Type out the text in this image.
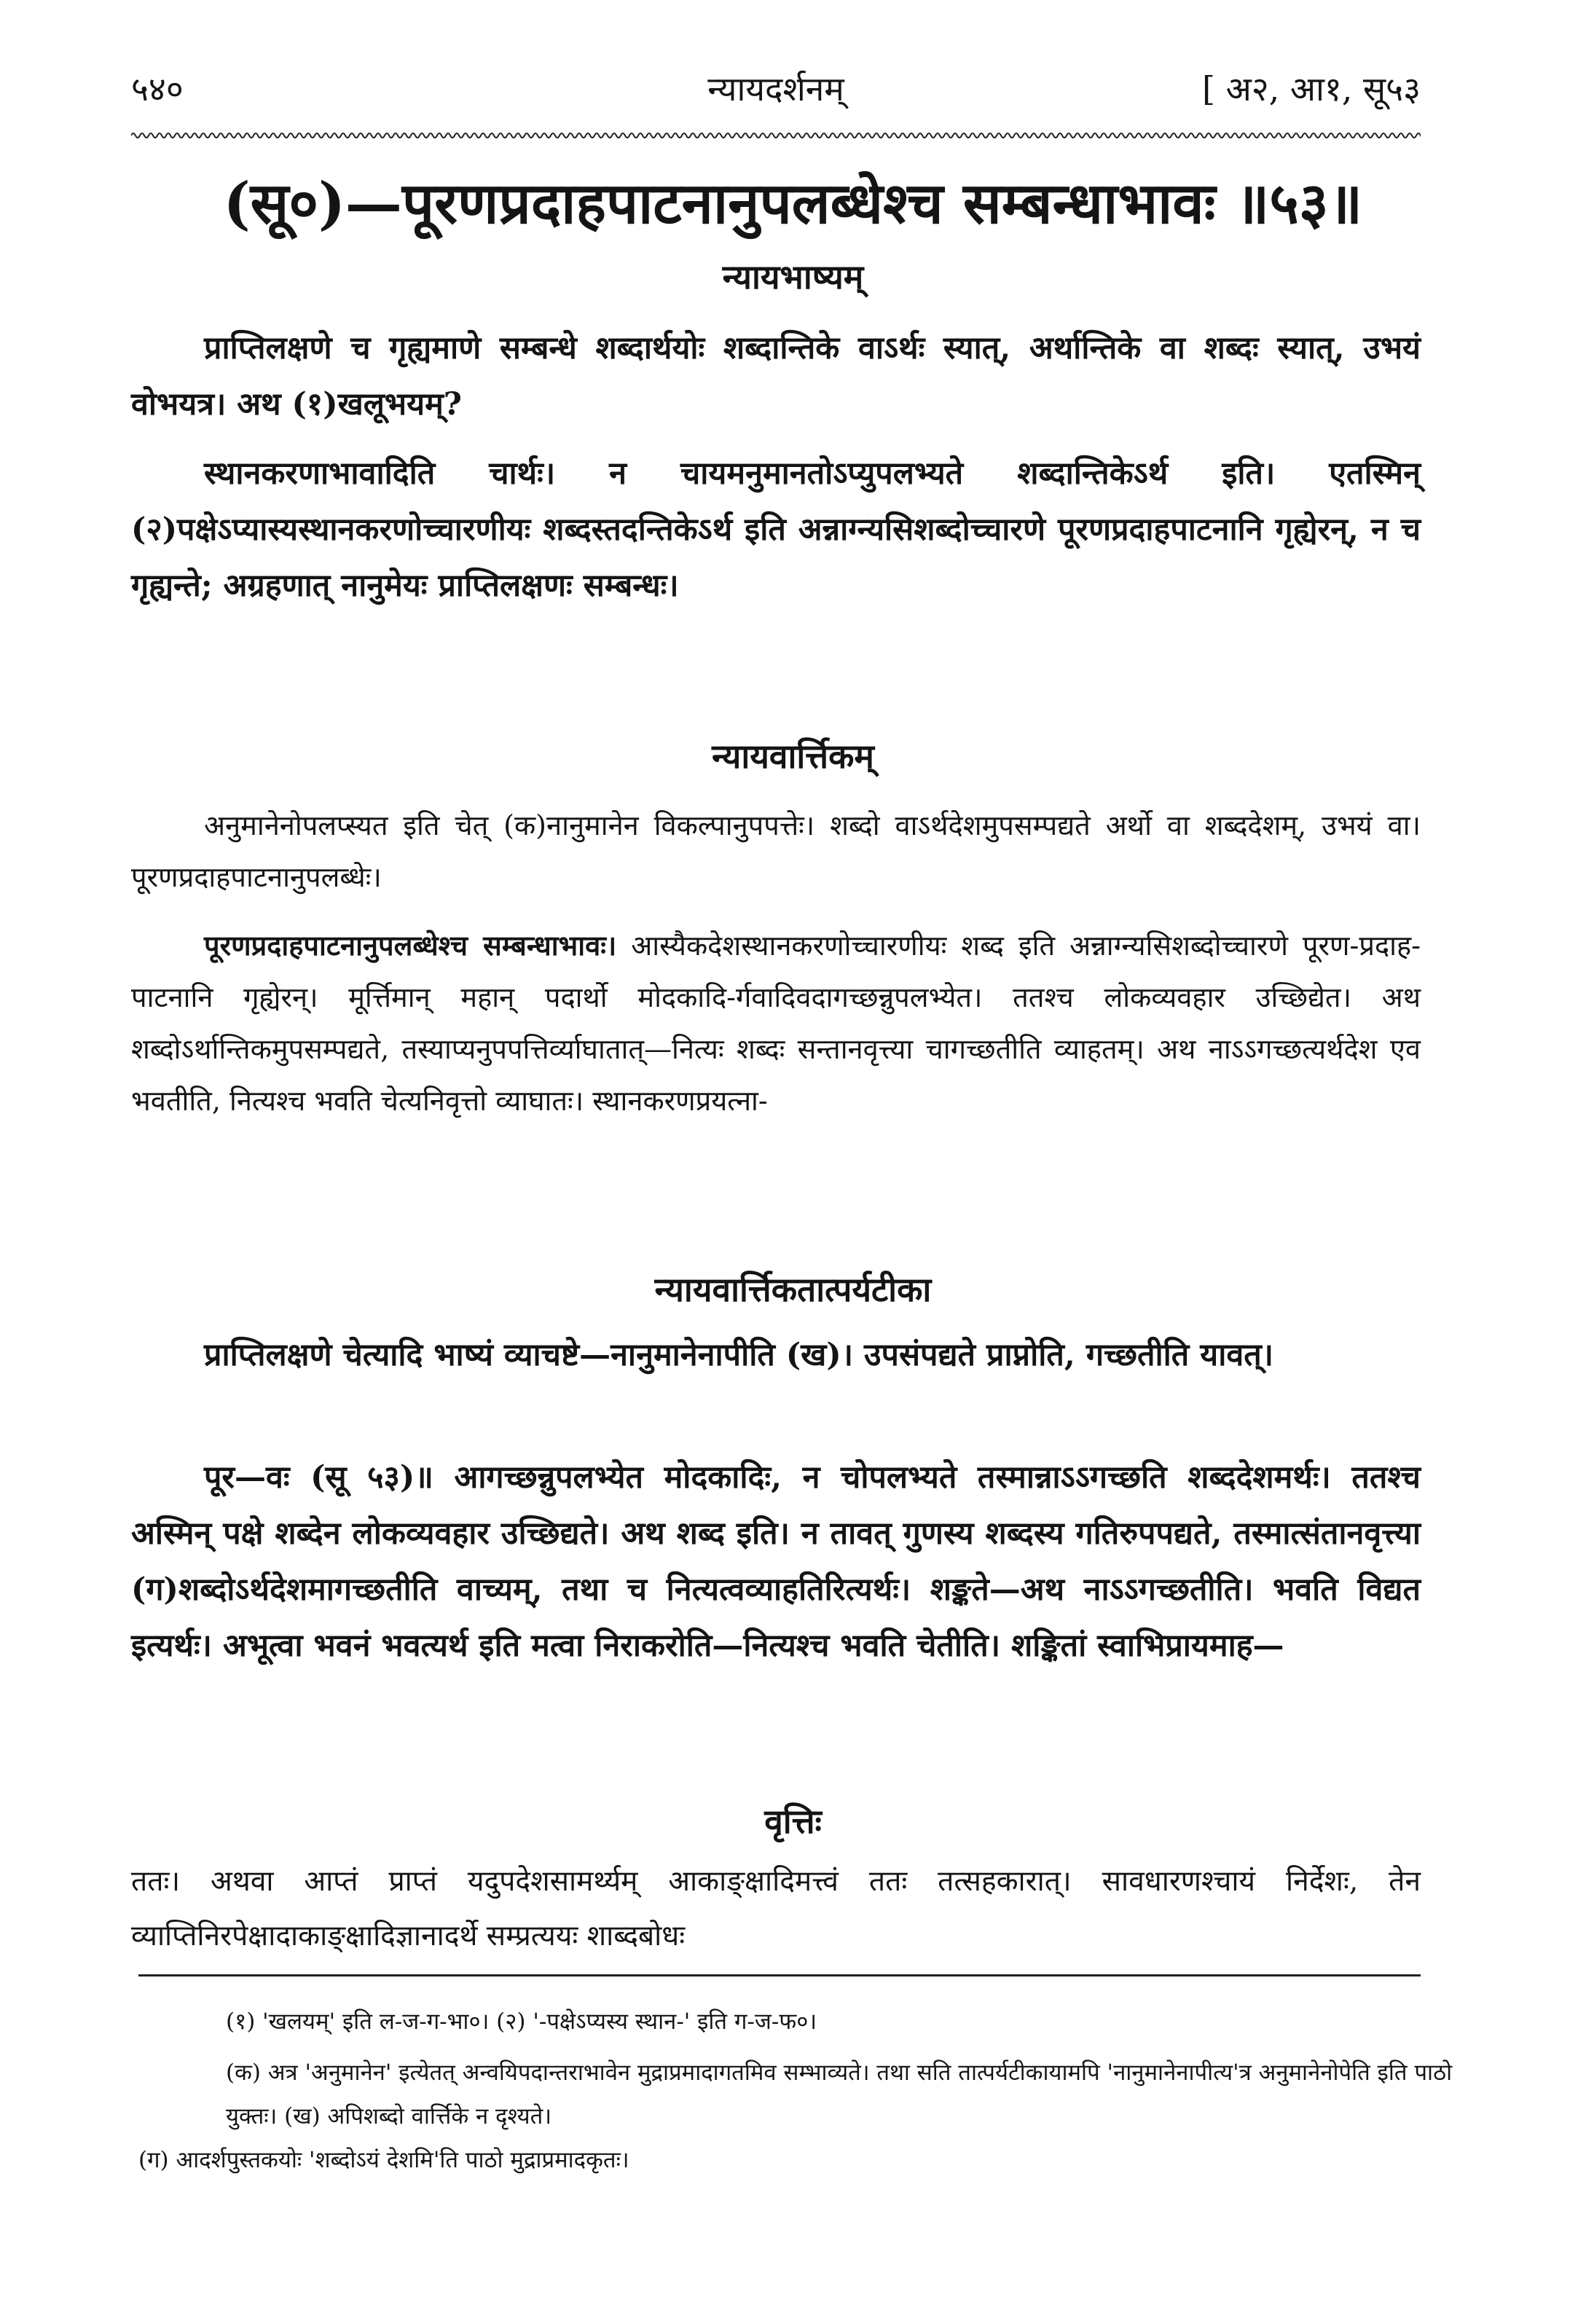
५४०	न्यायदर्शनम्	[ अ२, आ१, सू५३
(सू०)—पूरणप्रदाहपाटनानुपलब्धेश्च सम्बन्धाभावः ॥५३॥
न्यायभाष्यम्

प्राप्तिलक्षणे च गृह्यमाणे सम्बन्धे शब्दार्थयोः शब्दान्तिके वाऽर्थः स्यात्, अर्थान्तिके वा शब्दः स्यात्, उभयं वोभयत्र। अथ (१)खलूभयम्?

स्थानकरणाभावादिति चार्थः। न चायमनुमानतोऽप्युपलभ्यते शब्दान्तिकेऽर्थ इति। एतस्मिन् (२)पक्षेऽप्यास्यस्थानकरणोच्चारणीयः शब्दस्तदन्तिकेऽर्थ इति अन्नाग्न्यसिशब्दोच्चारणे पूरणप्रदाहपाटनानि गृह्येरन्, न च गृह्यन्ते; अग्रहणात् नानुमेयः प्राप्तिलक्षणः सम्बन्धः।

न्यायवार्त्तिकम्

अनुमानेनोपलप्स्यत इति चेत् (क)नानुमानेन विकल्पानुपपत्तेः। शब्दो वाऽर्थदेशमुपसम्पद्यते अर्थो वा शब्ददेशम्, उभयं वा। पूरणप्रदाहपाटनानुपलब्धेः।

पूरणप्रदाहपाटनानुपलब्धेश्च सम्बन्धाभावः। आस्यैकदेशस्थानकरणोच्चारणीयः शब्द इति अन्नाग्न्यसिशब्दोच्चारणे पूरण-प्रदाह-पाटनानि गृह्येरन्। मूर्त्तिमान् महान् पदार्थो मोदकादि-र्गवादिवदागच्छन्नुपलभ्येत। ततश्च लोकव्यवहार उच्छिद्येत। अथ शब्दोऽर्थान्तिकमुपसम्पद्यते, तस्याप्यनुपपत्तिर्व्याघातात्—नित्यः शब्दः सन्तानवृत्त्या चागच्छतीति व्याहतम्। अथ नाऽऽगच्छत्यर्थदेश एव भवतीति, नित्यश्च भवति चेत्यनिवृत्तो व्याघातः। स्थानकरणप्रयत्ना-

न्यायवार्त्तिकतात्पर्यटीका

प्राप्तिलक्षणे चेत्यादि भाष्यं व्याचष्टे—नानुमानेनापीति (ख)। उपसंपद्यते प्राप्नोति, गच्छतीति यावत्।

पूर—वः (सू ५३)॥ आगच्छन्नुपलभ्येत मोदकादिः, न चोपलभ्यते तस्मान्नाऽऽगच्छति शब्ददेशमर्थः। ततश्च अस्मिन् पक्षे शब्देन लोकव्यवहार उच्छिद्यते। अथ शब्द इति। न तावत् गुणस्य शब्दस्य गतिरुपपद्यते, तस्मात्संतानवृत्त्या (ग)शब्दोऽर्थदेशमागच्छतीति वाच्यम्, तथा च नित्यत्वव्याहतिरित्यर्थः। शङ्कते—अथ नाऽऽगच्छतीति। भवति विद्यत इत्यर्थः। अभूत्वा भवनं भवत्यर्थ इति मत्वा निराकरोति—नित्यश्च भवति चेतीति। शङ्कितां स्वाभिप्रायमाह—

वृत्तिः

ततः। अथवा आप्तं प्राप्तं यदुपदेशसामर्थ्यम् आकाङ्क्षादिमत्त्वं ततः तत्सहकारात्। सावधारणश्चायं निर्देशः, तेन व्याप्तिनिरपेक्षादाकाङ्क्षादिज्ञानादर्थे सम्प्रत्ययः शाब्दबोधः

(१) 'खलयम्' इति ल-ज-ग-भा०। (२) '-पक्षेऽप्यस्य स्थान-' इति ग-ज-फ०।

(क) अत्र 'अनुमानेन' इत्येतत् अन्वयिपदान्तराभावेन मुद्राप्रमादागतमिव सम्भाव्यते। तथा सति तात्पर्यटीकायामपि 'नानुमानेनापीत्य'त्र अनुमानेनोपेति इति पाठो युक्तः। (ख) अपिशब्दो वार्त्तिके न दृश्यते।

(ग) आदर्शपुस्तकयोः 'शब्दोऽयं देशमि'ति पाठो मुद्राप्रमादकृतः।
